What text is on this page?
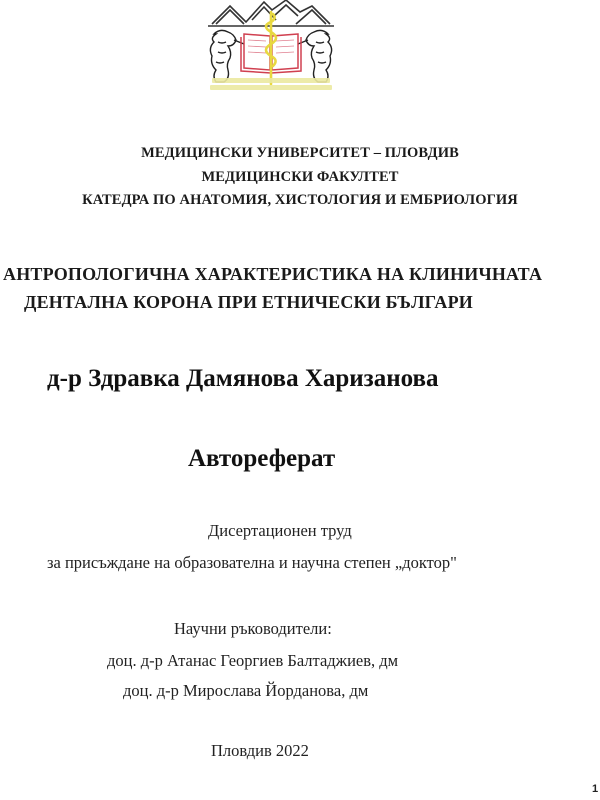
МЕДИЦИНСКИ УНИВЕРСИТЕТ – ПЛОВДИВ
МЕДИЦИНСКИ ФАКУЛТЕТ
КАТЕДРА ПО АНАТОМИЯ, ХИСТОЛОГИЯ И ЕМБРИОЛОГИЯ
АНТРОПОЛОГИЧНА ХАРАКТЕРИСТИКА НА КЛИНИЧНАТА
ДЕНТАЛНА КОРОНА ПРИ ЕТНИЧЕСКИ БЪЛГАРИ
д-р Здравка Дамянова Харизанова
Автореферат
Дисертационен труд
за присъждане на образователна и научна степен „доктор"
Научни ръководители:
доц. д-р Атанас Георгиев Балтаджиев, дм
доц. д-р Мирослава Йорданова, дм
Пловдив 2022
1
